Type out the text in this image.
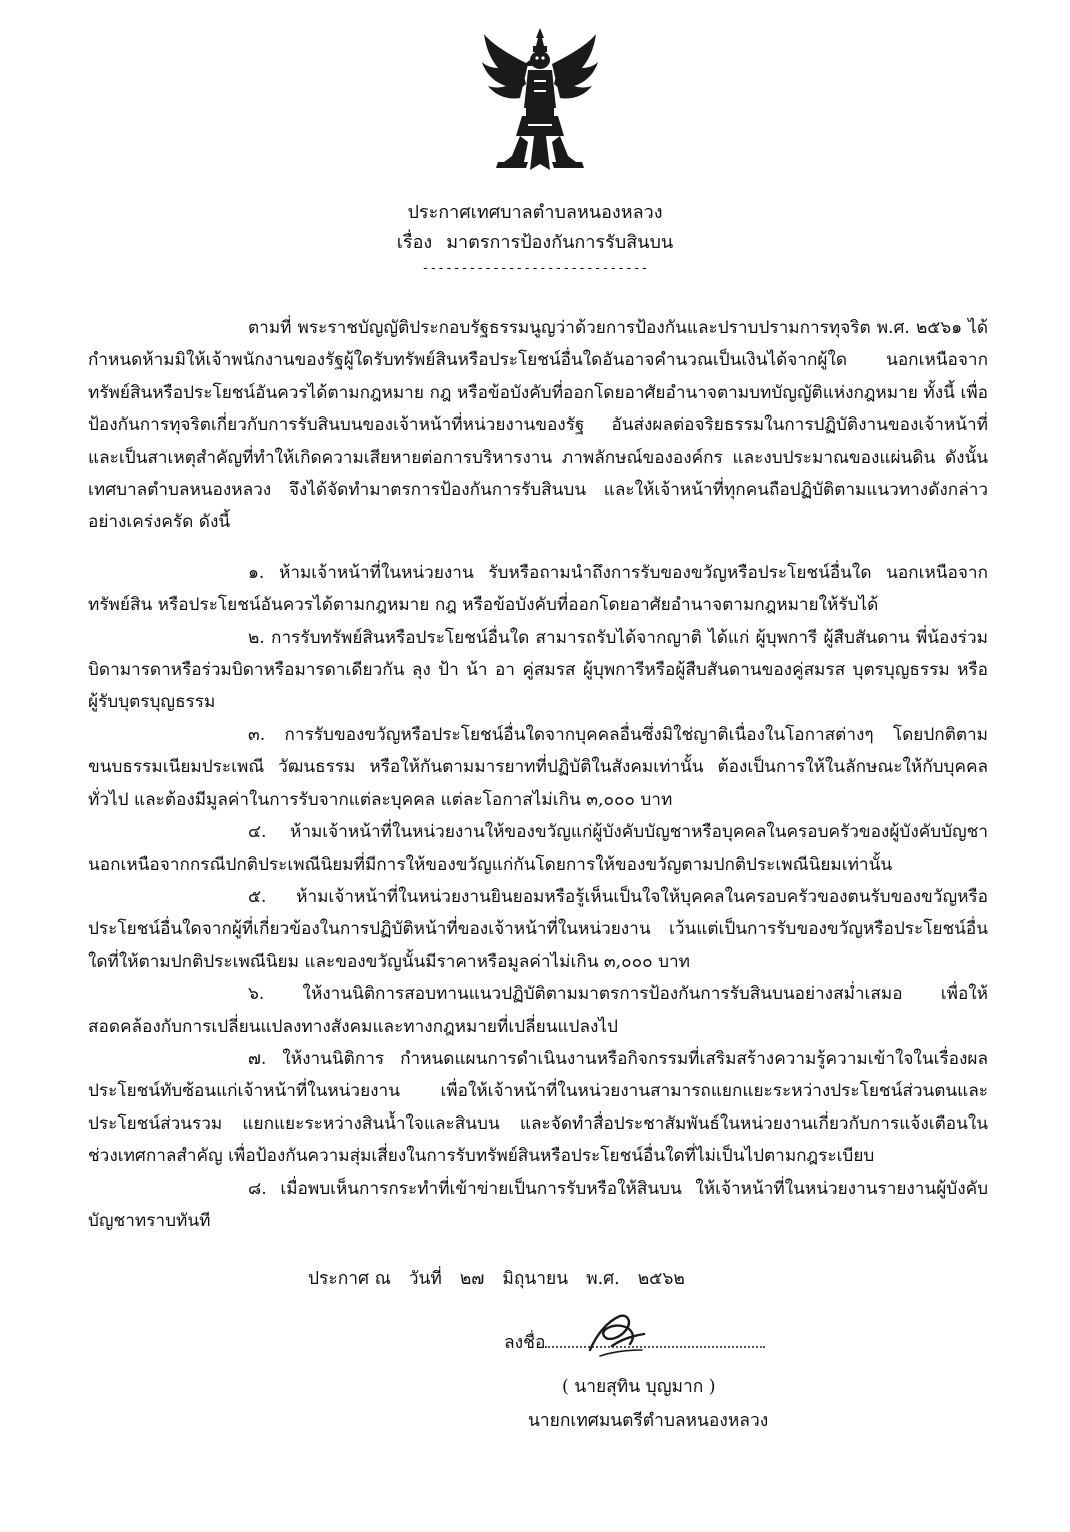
ประกาศเทศบาลตำบลหนองหลวง
เรื่อง มาตรการป้องกันการรับสินบน
-----------------------------

ตามที่ พระราชบัญญัติประกอบรัฐธรรมนูญว่าด้วยการป้องกันและปราบปรามการทุจริต พ.ศ. ๒๕๖๑ ได้กำหนดห้ามมิให้เจ้าพนักงานของรัฐผู้ใดรับทรัพย์สินหรือประโยชน์อื่นใดอันอาจคำนวณเป็นเงินได้จากผู้ใด นอกเหนือจากทรัพย์สินหรือประโยชน์อันควรได้ตามกฎหมาย กฎ หรือข้อบังคับที่ออกโดยอาศัยอำนาจตามบทบัญญัติแห่งกฎหมาย ทั้งนี้ เพื่อป้องกันการทุจริตเกี่ยวกับการรับสินบนของเจ้าหน้าที่หน่วยงานของรัฐ อันส่งผลต่อจริยธรรมในการปฏิบัติงานของเจ้าหน้าที่ และเป็นสาเหตุสำคัญที่ทำให้เกิดความเสียหายต่อการบริหารงาน ภาพลักษณ์ขององค์กร และงบประมาณของแผ่นดิน ดังนั้น เทศบาลตำบลหนองหลวง จึงได้จัดทำมาตรการป้องกันการรับสินบน และให้เจ้าหน้าที่ทุกคนถือปฏิบัติตามแนวทางดังกล่าวอย่างเคร่งครัด ดังนี้

๑. ห้ามเจ้าหน้าที่ในหน่วยงาน รับหรือถามนำถึงการรับของขวัญหรือประโยชน์อื่นใด นอกเหนือจากทรัพย์สิน หรือประโยชน์อันควรได้ตามกฎหมาย กฎ หรือข้อบังคับที่ออกโดยอาศัยอำนาจตามกฎหมายให้รับได้

๒. การรับทรัพย์สินหรือประโยชน์อื่นใด สามารถรับได้จากญาติ ได้แก่ ผู้บุพการี ผู้สืบสันดาน พี่น้องร่วมบิดามารดาหรือร่วมบิดาหรือมารดาเดียวกัน ลุง ป้า น้า อา คู่สมรส ผู้บุพการีหรือผู้สืบสันดานของคู่สมรส บุตรบุญธรรม หรือผู้รับบุตรบุญธรรม

๓. การรับของขวัญหรือประโยชน์อื่นใดจากบุคคลอื่นซึ่งมิใช่ญาติเนื่องในโอกาสต่างๆ โดยปกติตามขนบธรรมเนียมประเพณี วัฒนธรรม หรือให้กันตามมารยาทที่ปฏิบัติในสังคมเท่านั้น ต้องเป็นการให้ในลักษณะให้กับบุคคลทั่วไป และต้องมีมูลค่าในการรับจากแต่ละบุคคล แต่ละโอกาสไม่เกิน ๓,๐๐๐ บาท

๔. ห้ามเจ้าหน้าที่ในหน่วยงานให้ของขวัญแก่ผู้บังคับบัญชาหรือบุคคลในครอบครัวของผู้บังคับบัญชานอกเหนือจากกรณีปกติประเพณีนิยมที่มีการให้ของขวัญแก่กันโดยการให้ของขวัญตามปกติประเพณีนิยมเท่านั้น

๕. ห้ามเจ้าหน้าที่ในหน่วยงานยินยอมหรือรู้เห็นเป็นใจให้บุคคลในครอบครัวของตนรับของขวัญหรือประโยชน์อื่นใดจากผู้ที่เกี่ยวข้องในการปฏิบัติหน้าที่ของเจ้าหน้าที่ในหน่วยงาน เว้นแต่เป็นการรับของขวัญหรือประโยชน์อื่นใดที่ให้ตามปกติประเพณีนิยม และของขวัญนั้นมีราคาหรือมูลค่าไม่เกิน ๓,๐๐๐ บาท

๖. ให้งานนิติการสอบทานแนวปฏิบัติตามมาตรการป้องกันการรับสินบนอย่างสม่ำเสมอ เพื่อให้สอดคล้องกับการเปลี่ยนแปลงทางสังคมและทางกฎหมายที่เปลี่ยนแปลงไป

๗. ให้งานนิติการ กำหนดแผนการดำเนินงานหรือกิจกรรมที่เสริมสร้างความรู้ความเข้าใจในเรื่องผลประโยชน์ทับซ้อนแก่เจ้าหน้าที่ในหน่วยงาน เพื่อให้เจ้าหน้าที่ในหน่วยงานสามารถแยกแยะระหว่างประโยชน์ส่วนตนและประโยชน์ส่วนรวม แยกแยะระหว่างสินน้ำใจและสินบน และจัดทำสื่อประชาสัมพันธ์ในหน่วยงานเกี่ยวกับการแจ้งเตือนในช่วงเทศกาลสำคัญ เพื่อป้องกันความสุ่มเสี่ยงในการรับทรัพย์สินหรือประโยชน์อื่นใดที่ไม่เป็นไปตามกฎระเบียบ

๘. เมื่อพบเห็นการกระทำที่เข้าข่ายเป็นการรับหรือให้สินบน ให้เจ้าหน้าที่ในหน่วยงานรายงานผู้บังคับบัญชาทราบทันที

ประกาศ ณ วันที่ ๒๗ มิถุนายน พ.ศ. ๒๕๖๒
ลงชื่อ
( นายสุทิน บุญมาก )
นายกเทศมนตรีตำบลหนองหลวง
